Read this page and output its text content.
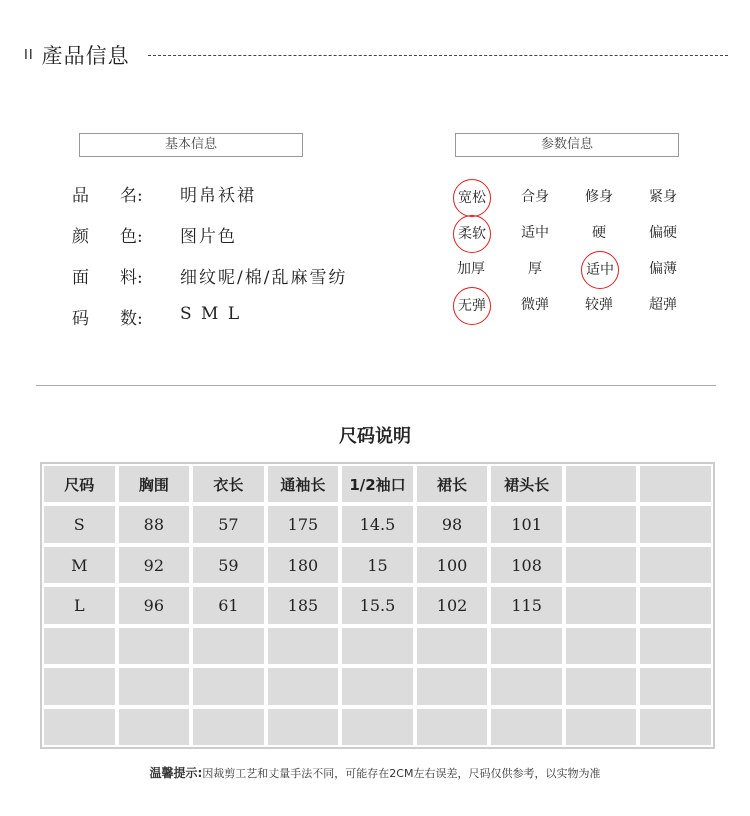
II 產品信息
基本信息	参数信息
品	名:	明帛袄裙
颜	色:	图片色
面	料:	细纹呢/棉/乱麻雪纺
码	数:	S M L
宽松	合身	修身	紧身
柔软	适中	硬	偏硬
加厚	厚	适中	偏薄
无弹	微弹	较弹	超弹
尺码说明
尺码	胸围	衣长	通袖长	1/2袖口	裙长	裙头长
S	88	57	175	14.5	98	101
M	92	59	180	15	100	108
L	96	61	185	15.5	102	115
温馨提示:因裁剪工艺和丈量手法不同，可能存在2CM左右误差，尺码仅供参考，以实物为准
